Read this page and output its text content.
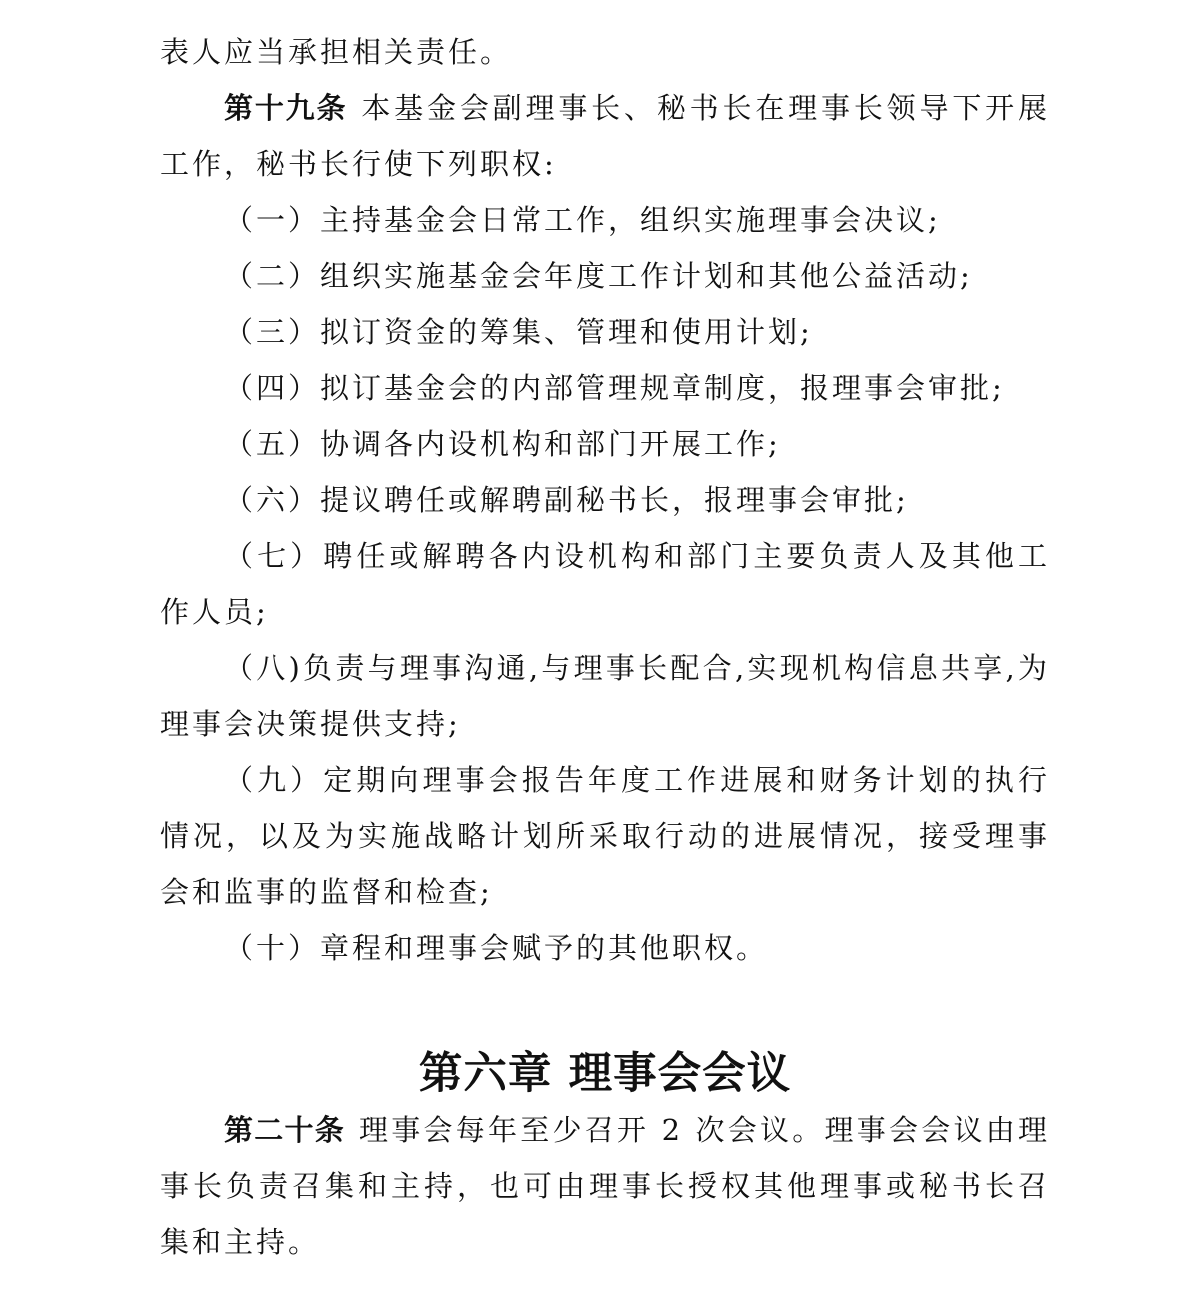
表人应当承担相关责任。

第十九条 本基金会副理事长、秘书长在理事长领导下开展工作，秘书长行使下列职权:

（一）主持基金会日常工作，组织实施理事会决议;

（二）组织实施基金会年度工作计划和其他公益活动;

（三）拟订资金的筹集、管理和使用计划;

（四）拟订基金会的内部管理规章制度，报理事会审批;

（五）协调各内设机构和部门开展工作;

（六）提议聘任或解聘副秘书长，报理事会审批;

（七）聘任或解聘各内设机构和部门主要负责人及其他工作人员;

（八)负责与理事沟通,与理事长配合,实现机构信息共享,为理事会决策提供支持;

（九）定期向理事会报告年度工作进展和财务计划的执行情况，以及为实施战略计划所采取行动的进展情况，接受理事会和监事的监督和检查;

（十）章程和理事会赋予的其他职权。

第六章 理事会会议

第二十条 理事会每年至少召开 2 次会议。理事会会议由理事长负责召集和主持，也可由理事长授权其他理事或秘书长召集和主持。
